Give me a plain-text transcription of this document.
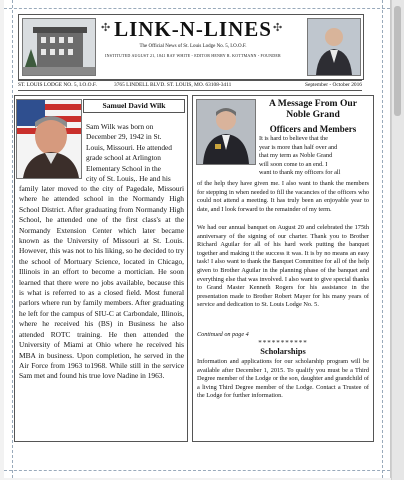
✣	✣
LINK-N-LINES
The Official News of St. Louis Lodge No. 5, I.O.O.F.
INSTITUTED AUGUST 21, 1841 RAY WHITE - EDITOR HENRY R. KOTTMANN - FOUNDER
ST. LOUIS LODGE NO. 5, I.O.O.F.	3765 LINDELL BLVD. ST. LOUIS, MO. 63108-3411	September - October 2016
Samuel David Wilk
Sam Wilk was born on
December 29, 1942 in St.
Louis, Missouri. He attended
grade school at Arlington
Elementary School in the
city of St. Louis,. He and his

family later moved to the city of Pagedale, Missouri where he attended school in the Normandy High School District. After graduating from Normandy High School, he attended one of the first class's at the Normandy Extension Center which later became known as the University of Missouri at St. Louis. However, this was not to his liking, so he decided to try the school of Mortuary Science, located in Chicago, Illinois in an effort to become a mortician. He soon learned that there were no jobs available, because this is what is referred to as a closed field. Most funeral parlors where run by family members. After graduating he left for the campus of SIU-C at Carbondale, Illinois, where he received his (BS) in Business he also attended ROTC training. He then attended the University of Miami at Ohio where he received his MBA in business. Upon completion, he served in the Air Force from 1963 to1968. While still in the service Sam met and found his true love Nadine in 1963.

A Message From Our
Noble Grand
Officers and Members
It is hard to believe that the
year is more than half over and
that my term as Noble Grand
will soon come to an end. I
want to thank my officers for all

of the help they have given me. I also want to thank the members for stepping in when needed to fill the vacancies of the officers who could not attend a meeting. It has truly been an enjoyable year to date, and I look forward to the remainder of my term.

We had our annual banquet on August 20 and celebrated the 175th anniversary of the signing of our charter. Thank you to Brother Richard Aguilar for all of his hard work putting the banquet together and making it the success it was. It is by no means an easy task! I also want to thank the Banquet Committee for all of the help given to Brother Aguilar in the planning phase of the banquet and everything else that was involved. I also want to give special thanks to Grand Master Kenneth Rogers for his assistance in the presentation made to Brother Robert Mayer for his many years of service and dedication to St. Louis Lodge No. 5.

Continued on page 4
***********
Scholarships

Information and applications for our scholarship program will be available after December 1, 2015. To qualify you must be a Third Degree member of the Lodge or the son, daughter and grandchild of a living Third Degree member of the Lodge. Contact a Trustee of the Lodge for further information.
